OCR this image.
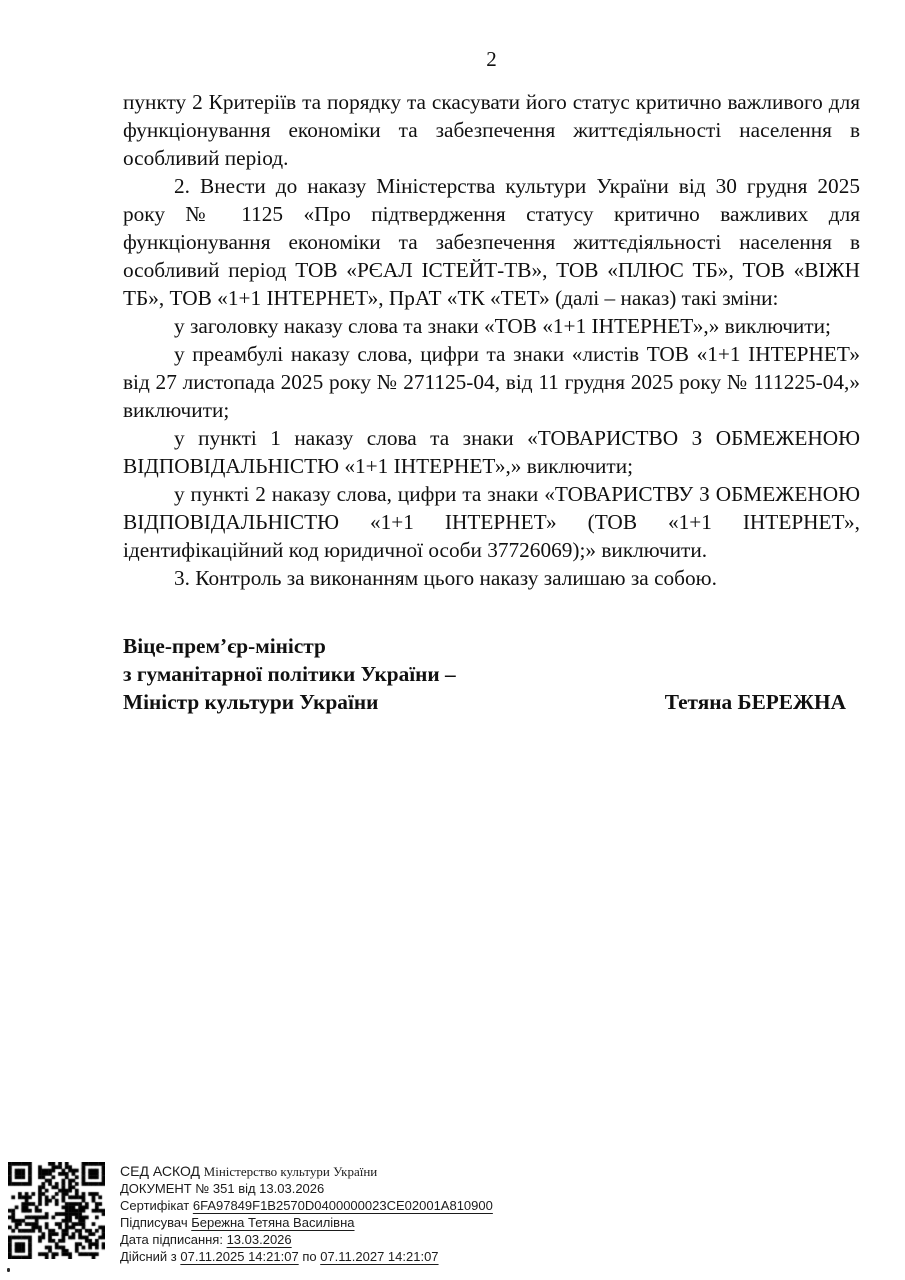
2

пункту 2 Критеріїв та порядку та скасувати його статус критично важливого для функціонування економіки та забезпечення життєдіяльності населення в особливий період.

2. Внести до наказу Міністерства культури України від 30 грудня 2025 року № 1125 «Про підтвердження статусу критично важливих для функціонування економіки та забезпечення життєдіяльності населення в особливий період ТОВ «РЄАЛ ІСТЕЙТ-ТВ», ТОВ «ПЛЮС ТБ», ТОВ «ВІЖН ТБ», ТОВ «1+1 ІНТЕРНЕТ», ПрАТ «ТК «ТЕТ» (далі – наказ) такі зміни:

у заголовку наказу слова та знаки «ТОВ «1+1 ІНТЕРНЕТ»,» виключити;

у преамбулі наказу слова, цифри та знаки «листів ТОВ «1+1 ІНТЕРНЕТ» від 27 листопада 2025 року № 271125-04, від 11 грудня 2025 року № 111225-04,» виключити;

у пункті 1 наказу слова та знаки «ТОВАРИСТВО З ОБМЕЖЕНОЮ ВІДПОВІДАЛЬНІСТЮ «1+1 ІНТЕРНЕТ»,» виключити;

у пункті 2 наказу слова, цифри та знаки «ТОВАРИСТВУ З ОБМЕЖЕНОЮ ВІДПОВІДАЛЬНІСТЮ «1+1 ІНТЕРНЕТ» (ТОВ «1+1 ІНТЕРНЕТ», ідентифікаційний код юридичної особи 37726069);» виключити.

3. Контроль за виконанням цього наказу залишаю за собою.

Віце-прем’єр-міністр
з гуманітарної політики України –
Міністр культури України	Тетяна БЕРЕЖНА
СЕД АСКОД Міністерство культури України
ДОКУМЕНТ № 351 від 13.03.2026
Сертифікат 6FA97849F1B2570D0400000023CE02001A810900
Підписувач Бережна Тетяна Василівна
Дата підписання: 13.03.2026
Дійсний з 07.11.2025 14:21:07 по 07.11.2027 14:21:07
